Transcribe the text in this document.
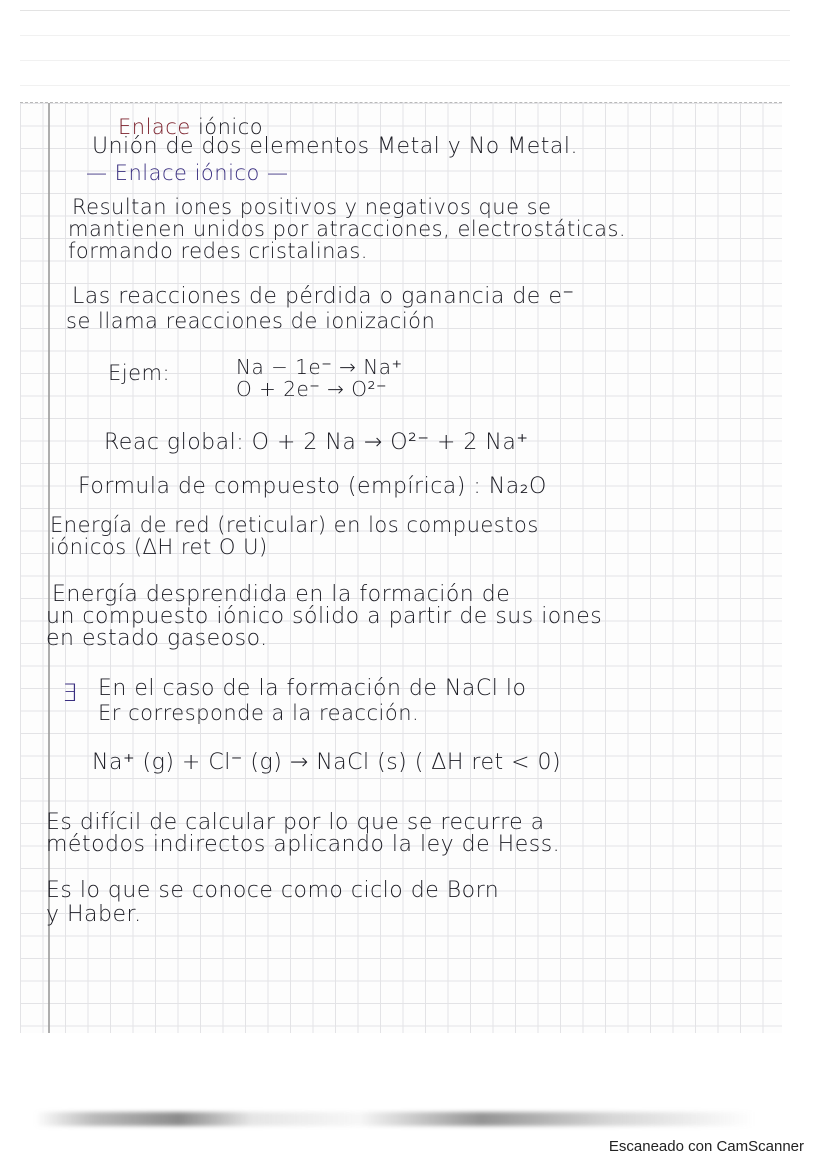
Enlace iónico
Unión de dos elementos Metal y No Metal.
— Enlace iónico —
Resultan iones positivos y negativos que se
mantienen unidos por atracciones, electrostáticas.
formando redes cristalinas.
Las reacciones de pérdida o ganancia de e⁻
se llama reacciones de ionización
Ejem:	Na − 1e⁻ → Na⁺
O + 2e⁻ → O²⁻
Reac global: O + 2 Na → O²⁻ + 2 Na⁺
Formula de compuesto (empírica) : Na₂O
Energía de red (reticular) en los compuestos
iónicos (ΔH ret O U)
Energía desprendida en la formación de
un compuesto iónico sólido a partir de sus iones
en estado gaseoso.
∃ En el caso de la formación de NaCl lo
Er corresponde a la reacción.
Na⁺ (g) + Cl⁻ (g) → NaCl (s) ( ΔH ret < 0)
Es difícil de calcular por lo que se recurre a
métodos indirectos aplicando la ley de Hess.
Es lo que se conoce como ciclo de Born
y Haber.
Escaneado con CamScanner
